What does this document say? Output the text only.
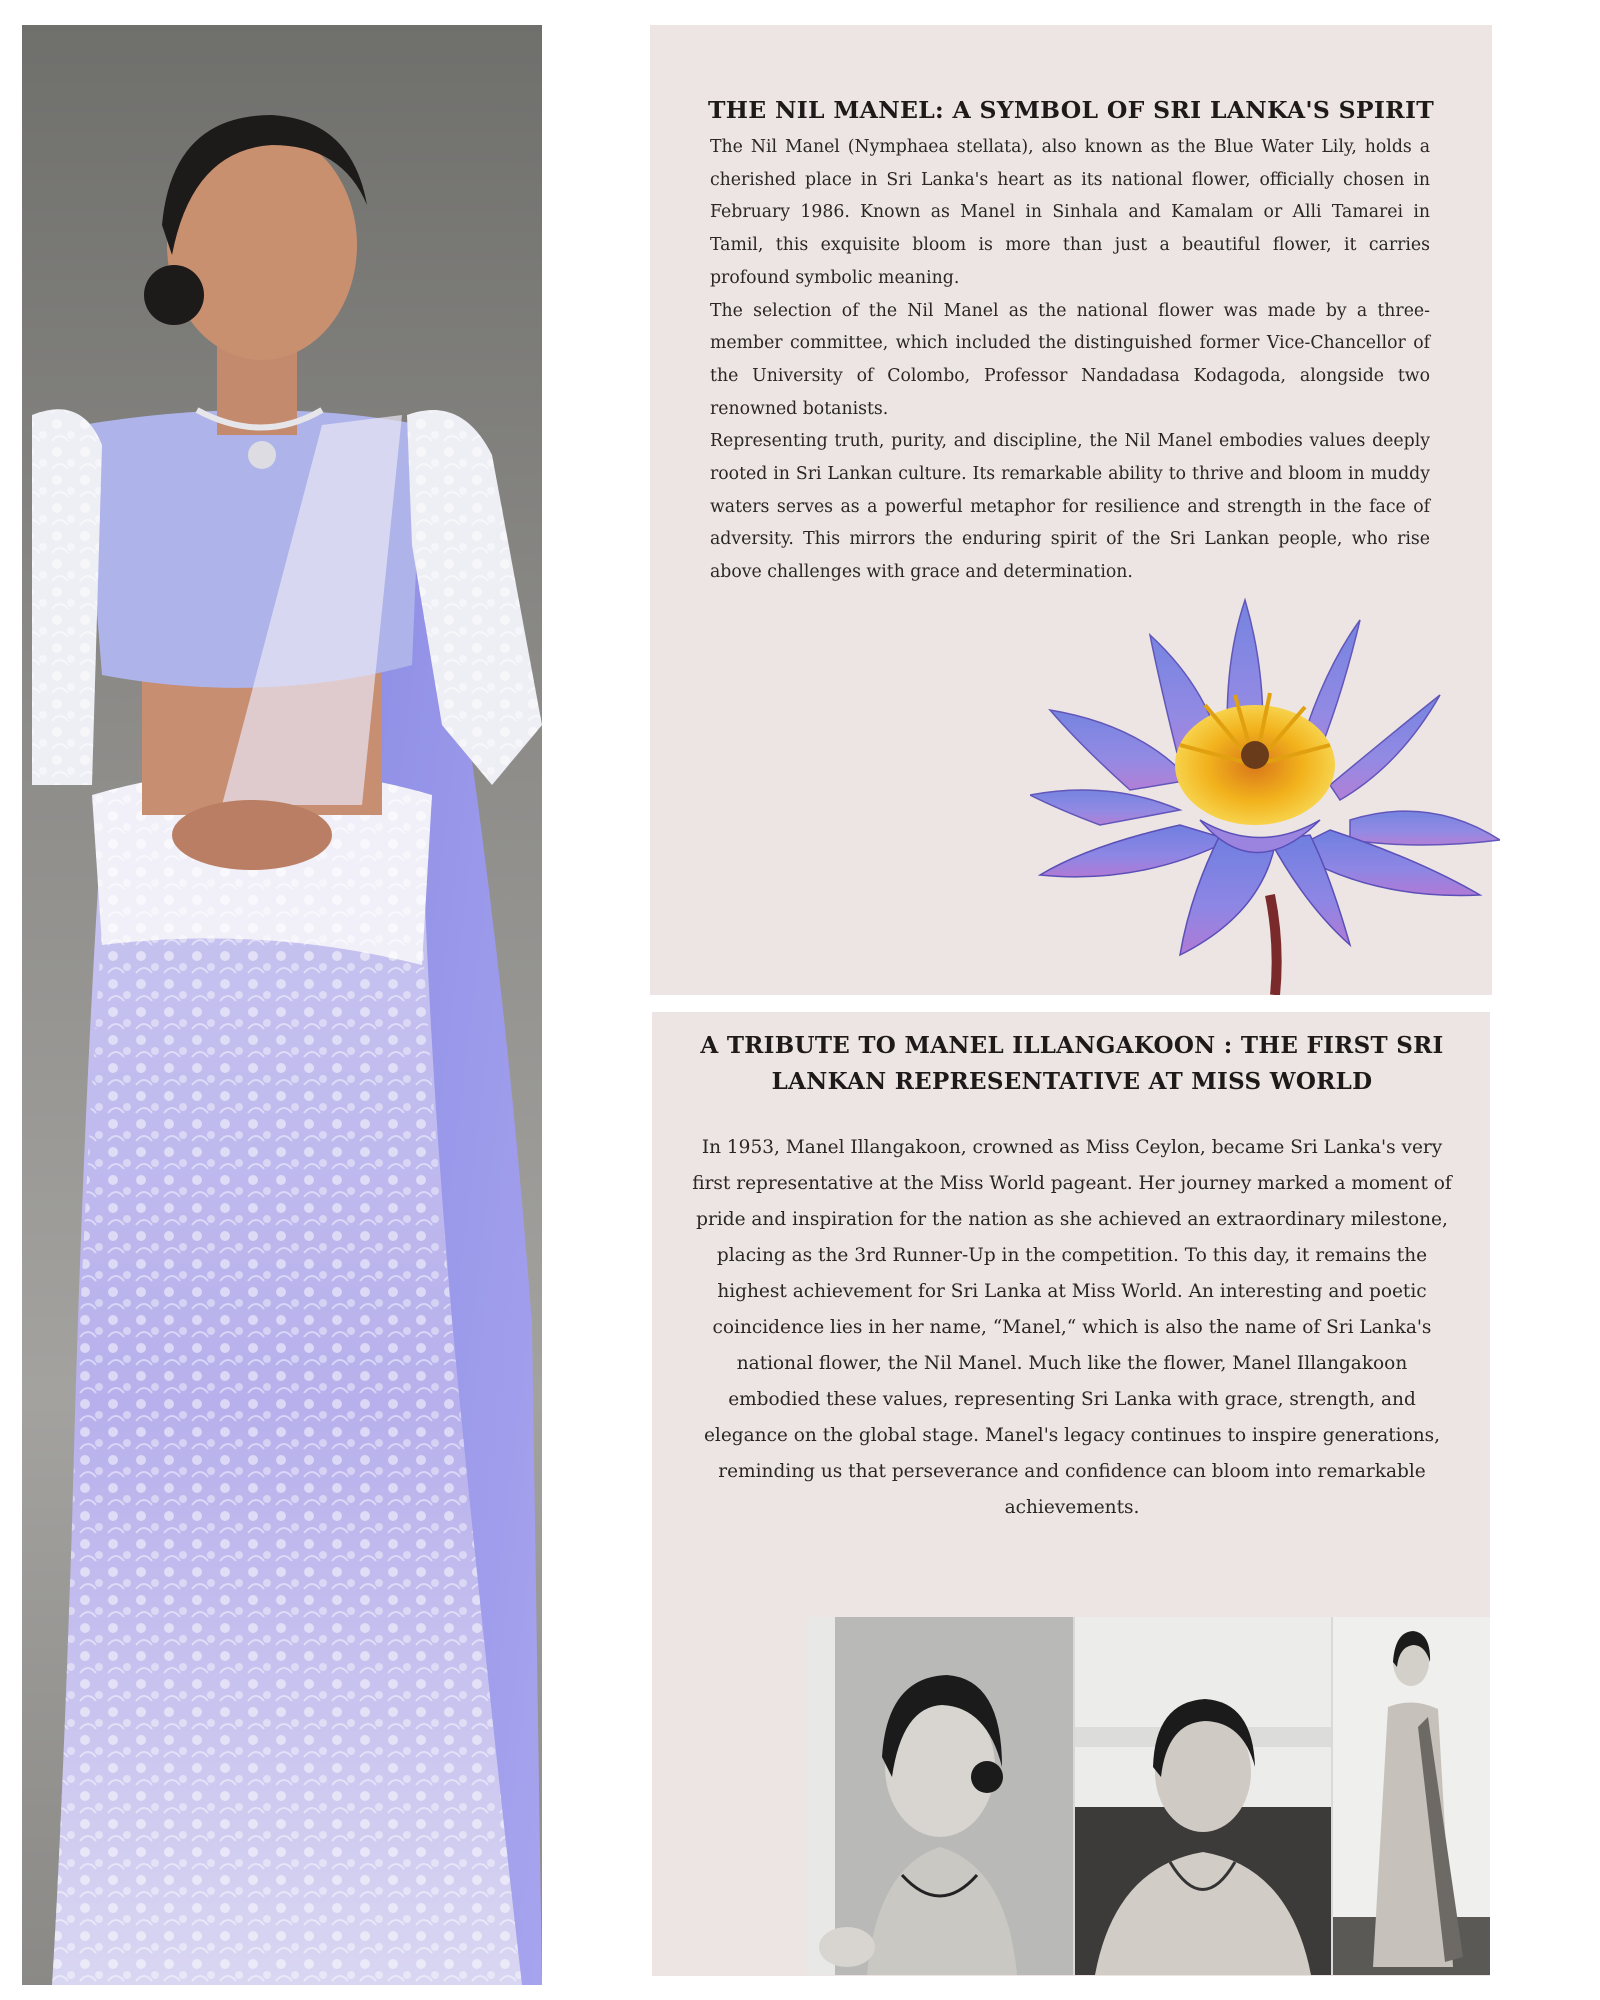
THE NIL MANEL: A SYMBOL OF SRI LANKA'S SPIRIT

The Nil Manel (Nymphaea stellata), also known as the Blue Water Lily, holds a cherished place in Sri Lanka's heart as its national flower, officially chosen in February 1986. Known as Manel in Sinhala and Kamalam or Alli Tamarei in Tamil, this exquisite bloom is more than just a beautiful flower, it carries profound symbolic meaning.

The selection of the Nil Manel as the national flower was made by a three-member committee, which included the distinguished former Vice-Chancellor of the University of Colombo, Professor Nandadasa Kodagoda, alongside two renowned botanists.

Representing truth, purity, and discipline, the Nil Manel embodies values deeply rooted in Sri Lankan culture. Its remarkable ability to thrive and bloom in muddy waters serves as a powerful metaphor for resilience and strength in the face of adversity. This mirrors the enduring spirit of the Sri Lankan people, who rise above challenges with grace and determination.

A TRIBUTE TO MANEL ILLANGAKOON : THE FIRST SRI LANKAN REPRESENTATIVE AT MISS WORLD

In 1953, Manel Illangakoon, crowned as Miss Ceylon, became Sri Lanka's very first representative at the Miss World pageant. Her journey marked a moment of pride and inspiration for the nation as she achieved an extraordinary milestone, placing as the 3rd Runner-Up in the competition. To this day, it remains the highest achievement for Sri Lanka at Miss World. An interesting and poetic coincidence lies in her name, “Manel,“ which is also the name of Sri Lanka's national flower, the Nil Manel. Much like the flower, Manel Illangakoon embodied these values, representing Sri Lanka with grace, strength, and elegance on the global stage. Manel's legacy continues to inspire generations, reminding us that perseverance and confidence can bloom into remarkable achievements.
